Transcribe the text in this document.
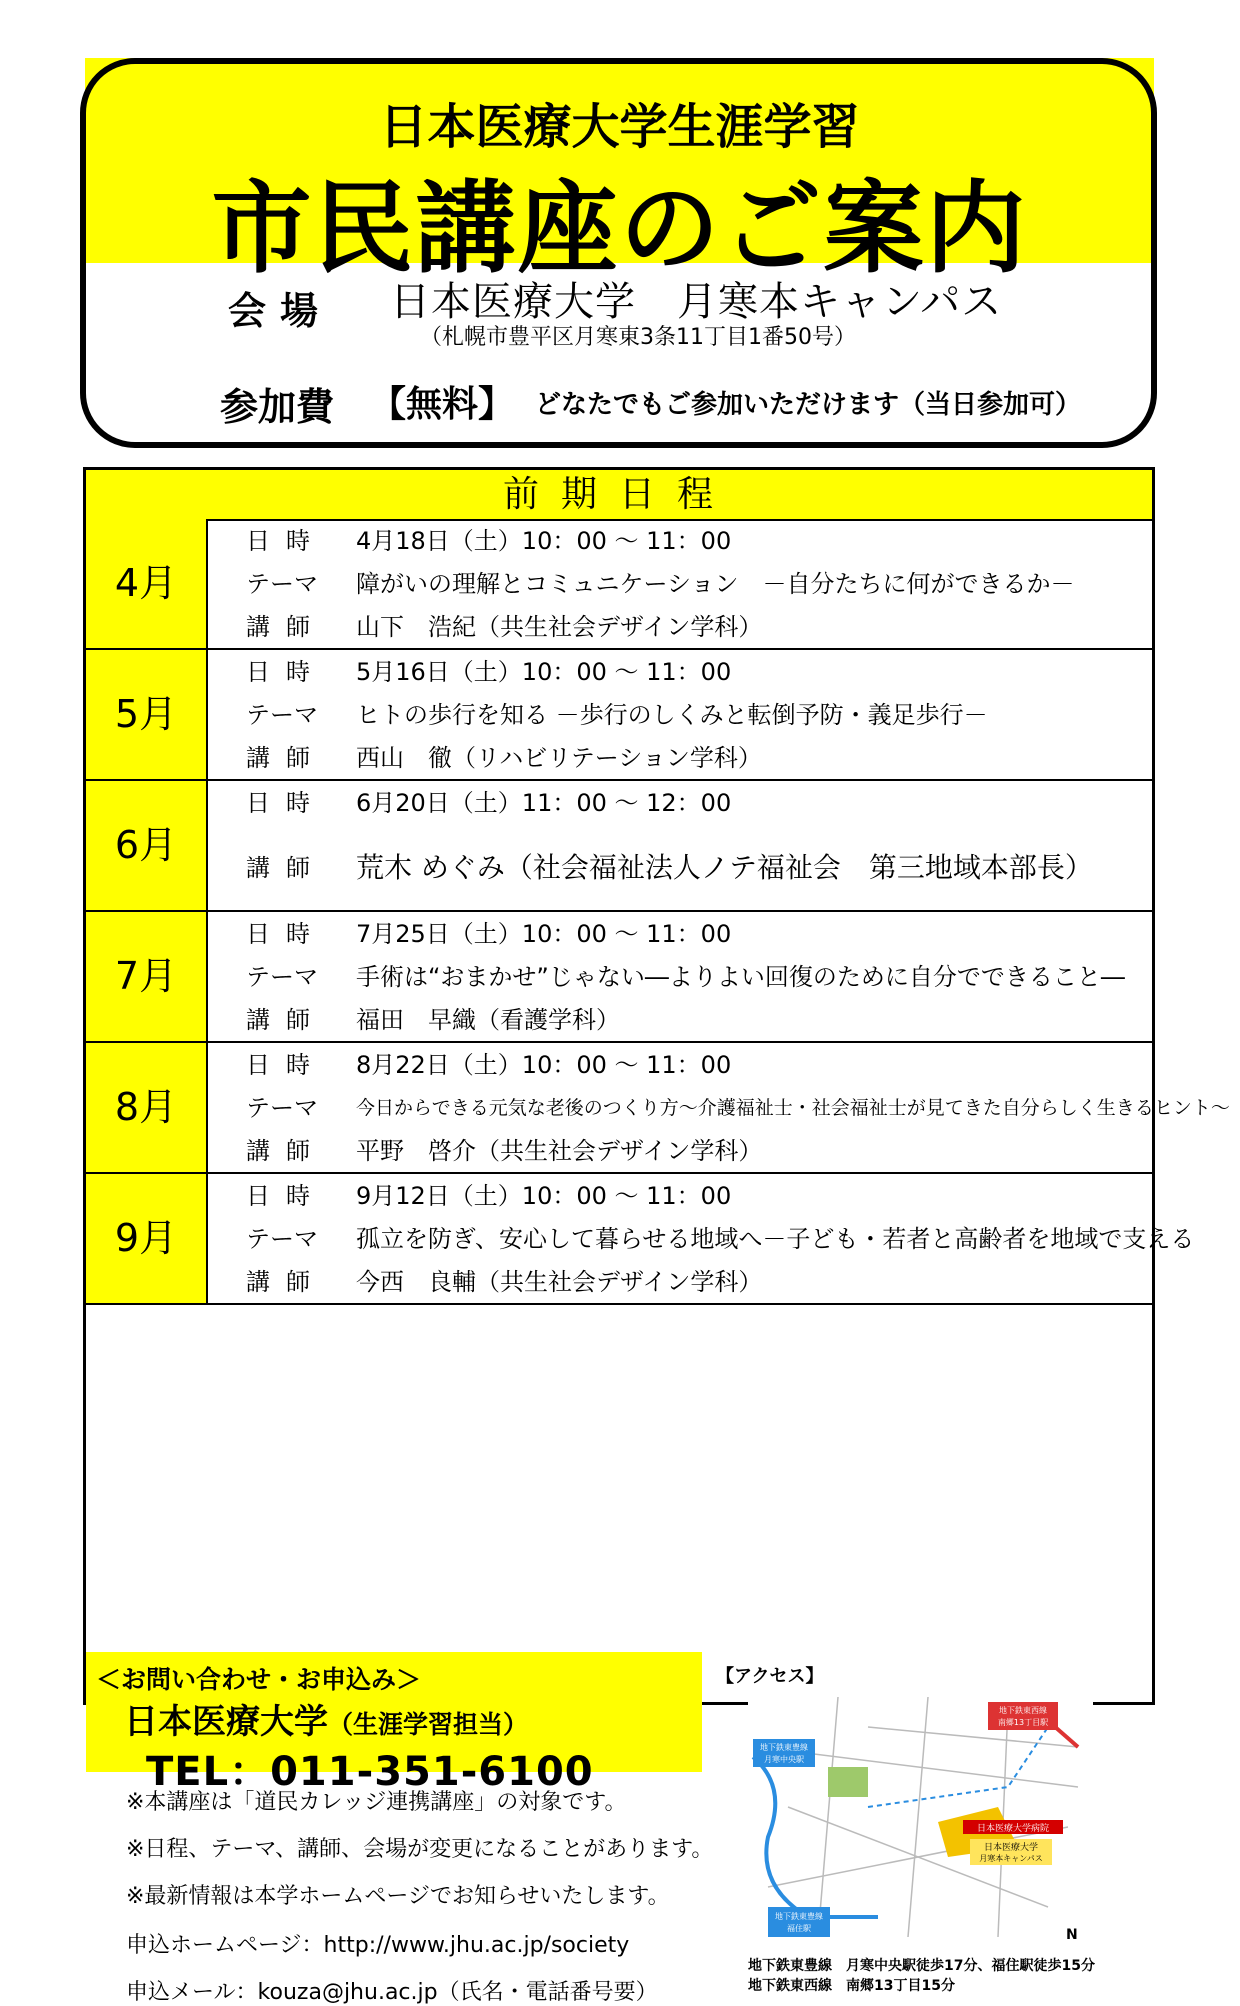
日本医療大学生涯学習
市民講座のご案内
会場 日本医療大学　月寒本キャンパス
（札幌市豊平区月寒東3条11丁目1番50号）
参加費 【無料】 どなたでもご参加いただけます（当日参加可）
前期日程
4月
日時 4月18日（土）10：00 ～ 11：00
テーマ 障がいの理解とコミュニケーション　－自分たちに何ができるか－
講師 山下　浩紀（共生社会デザイン学科）
5月
日時 5月16日（土）10：00 ～ 11：00
テーマ ヒトの歩行を知る －歩行のしくみと転倒予防・義足歩行－
講師 西山　徹（リハビリテーション学科）
6月
日時 6月20日（土）11：00 ～ 12：00
講師 荒木 めぐみ（社会福祉法人ノテ福祉会　第三地域本部長）
7月
日時 7月25日（土）10：00 ～ 11：00
テーマ 手術は“おまかせ”じゃない―よりよい回復のために自分でできること―
講師 福田　早織（看護学科）
8月
日時 8月22日（土）10：00 ～ 11：00
テーマ 今日からできる元気な老後のつくり方～介護福祉士・社会福祉士が見てきた自分らしく生きるヒント～
講師 平野　啓介（共生社会デザイン学科）
9月
日時 9月12日（土）10：00 ～ 11：00
テーマ 孤立を防ぎ、安心して暮らせる地域へ－子ども・若者と高齢者を地域で支える
講師 今西　良輔（共生社会デザイン学科）
＜お問い合わせ・お申込み＞
日本医療大学（生涯学習担当）
TEL：011-351-6100
※本講座は「道民カレッジ連携講座」の対象です。
※日程、テーマ、講師、会場が変更になることがあります。
※最新情報は本学ホームページでお知らせいたします。
申込ホームページ：http://www.jhu.ac.jp/society
申込メール：kouza@jhu.ac.jp（氏名・電話番号要）
【アクセス】
日本医療大学病院
日本医療大学
月寒本キャンパス
地下鉄東西線
南郷13丁目駅
地下鉄東豊線
月寒中央駅
地下鉄東豊線
福住駅	N
地下鉄東豊線　月寒中央駅徒歩17分、福住駅徒歩15分
地下鉄東西線　南郷13丁目15分
